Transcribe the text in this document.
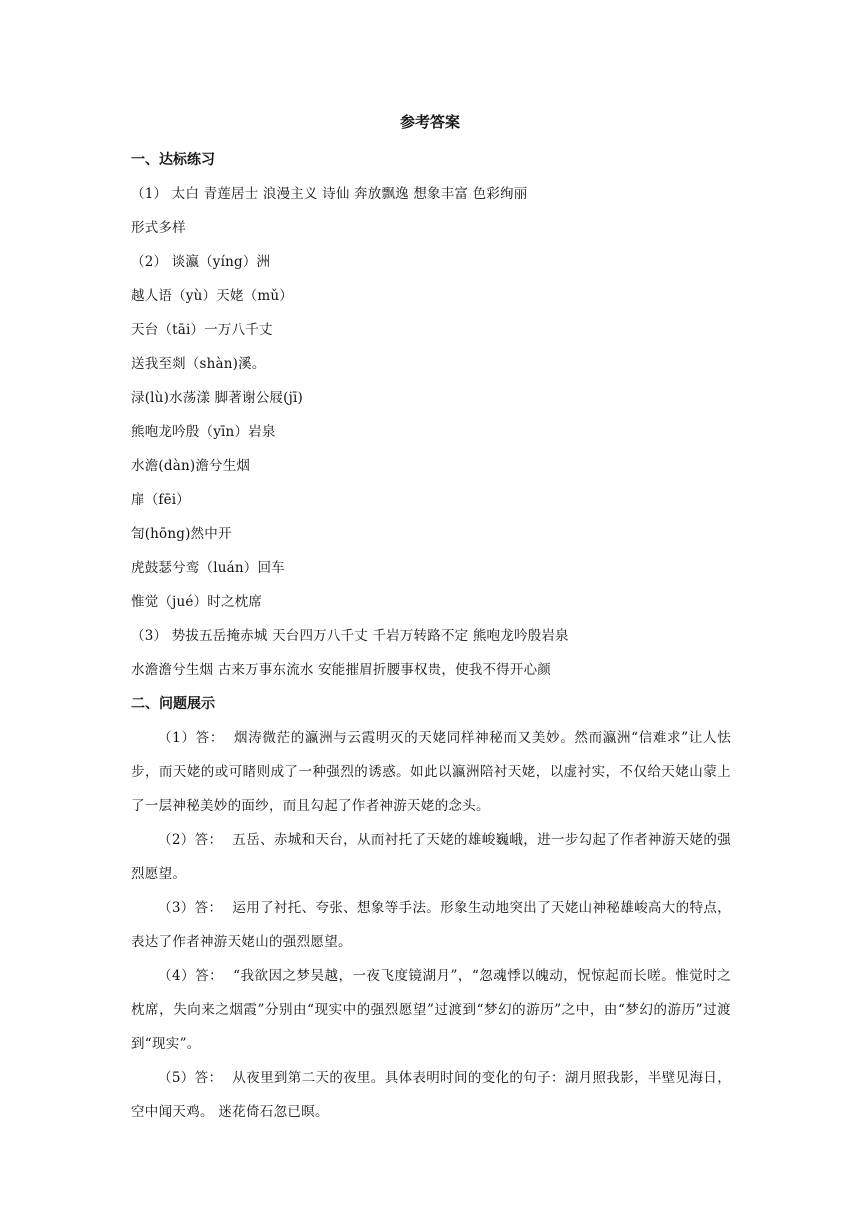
参考答案
一、达标练习
（1） 太白 青莲居士 浪漫主义 诗仙 奔放飘逸 想象丰富 色彩绚丽
形式多样
（2） 谈瀛（yíng）洲
越人语（yù）天姥（mǔ）
天台（tāi）一万八千丈
送我至剡（shàn)溪。
渌(lù)水荡漾 脚著谢公屐(jī)
熊咆龙吟殷（yīn）岩泉
水澹(dàn)澹兮生烟
扉（fēi）
訇(hōng)然中开
虎鼓瑟兮鸾（luán）回车
惟觉（jué）时之枕席
（3） 势拔五岳掩赤城 天台四万八千丈 千岩万转路不定 熊咆龙吟殷岩泉
水澹澹兮生烟 古来万事东流水 安能摧眉折腰事权贵，使我不得开心颜
二、问题展示

（1）答： 烟涛微茫的瀛洲与云霞明灭的天姥同样神秘而又美妙。然而瀛洲“信难求”让人怯步，而天姥的或可睹则成了一种强烈的诱惑。如此以瀛洲陪衬天姥，以虚衬实，不仅给天姥山蒙上了一层神秘美妙的面纱，而且勾起了作者神游天姥的念头。

（2）答： 五岳、赤城和天台，从而衬托了天姥的雄峻巍峨，进一步勾起了作者神游天姥的强烈愿望。

（3）答： 运用了衬托、夸张、想象等手法。形象生动地突出了天姥山神秘雄峻高大的特点，表达了作者神游天姥山的强烈愿望。

（4）答： “我欲因之梦吴越，一夜飞度镜湖月”，“忽魂悸以魄动，怳惊起而长嗟。惟觉时之枕席，失向来之烟霞”分别由“现实中的强烈愿望”过渡到“梦幻的游历”之中，由“梦幻的游历”过渡到“现实”。

（5）答： 从夜里到第二天的夜里。具体表明时间的变化的句子：湖月照我影，半壁见海日，空中闻天鸡。 迷花倚石忽已暝。
